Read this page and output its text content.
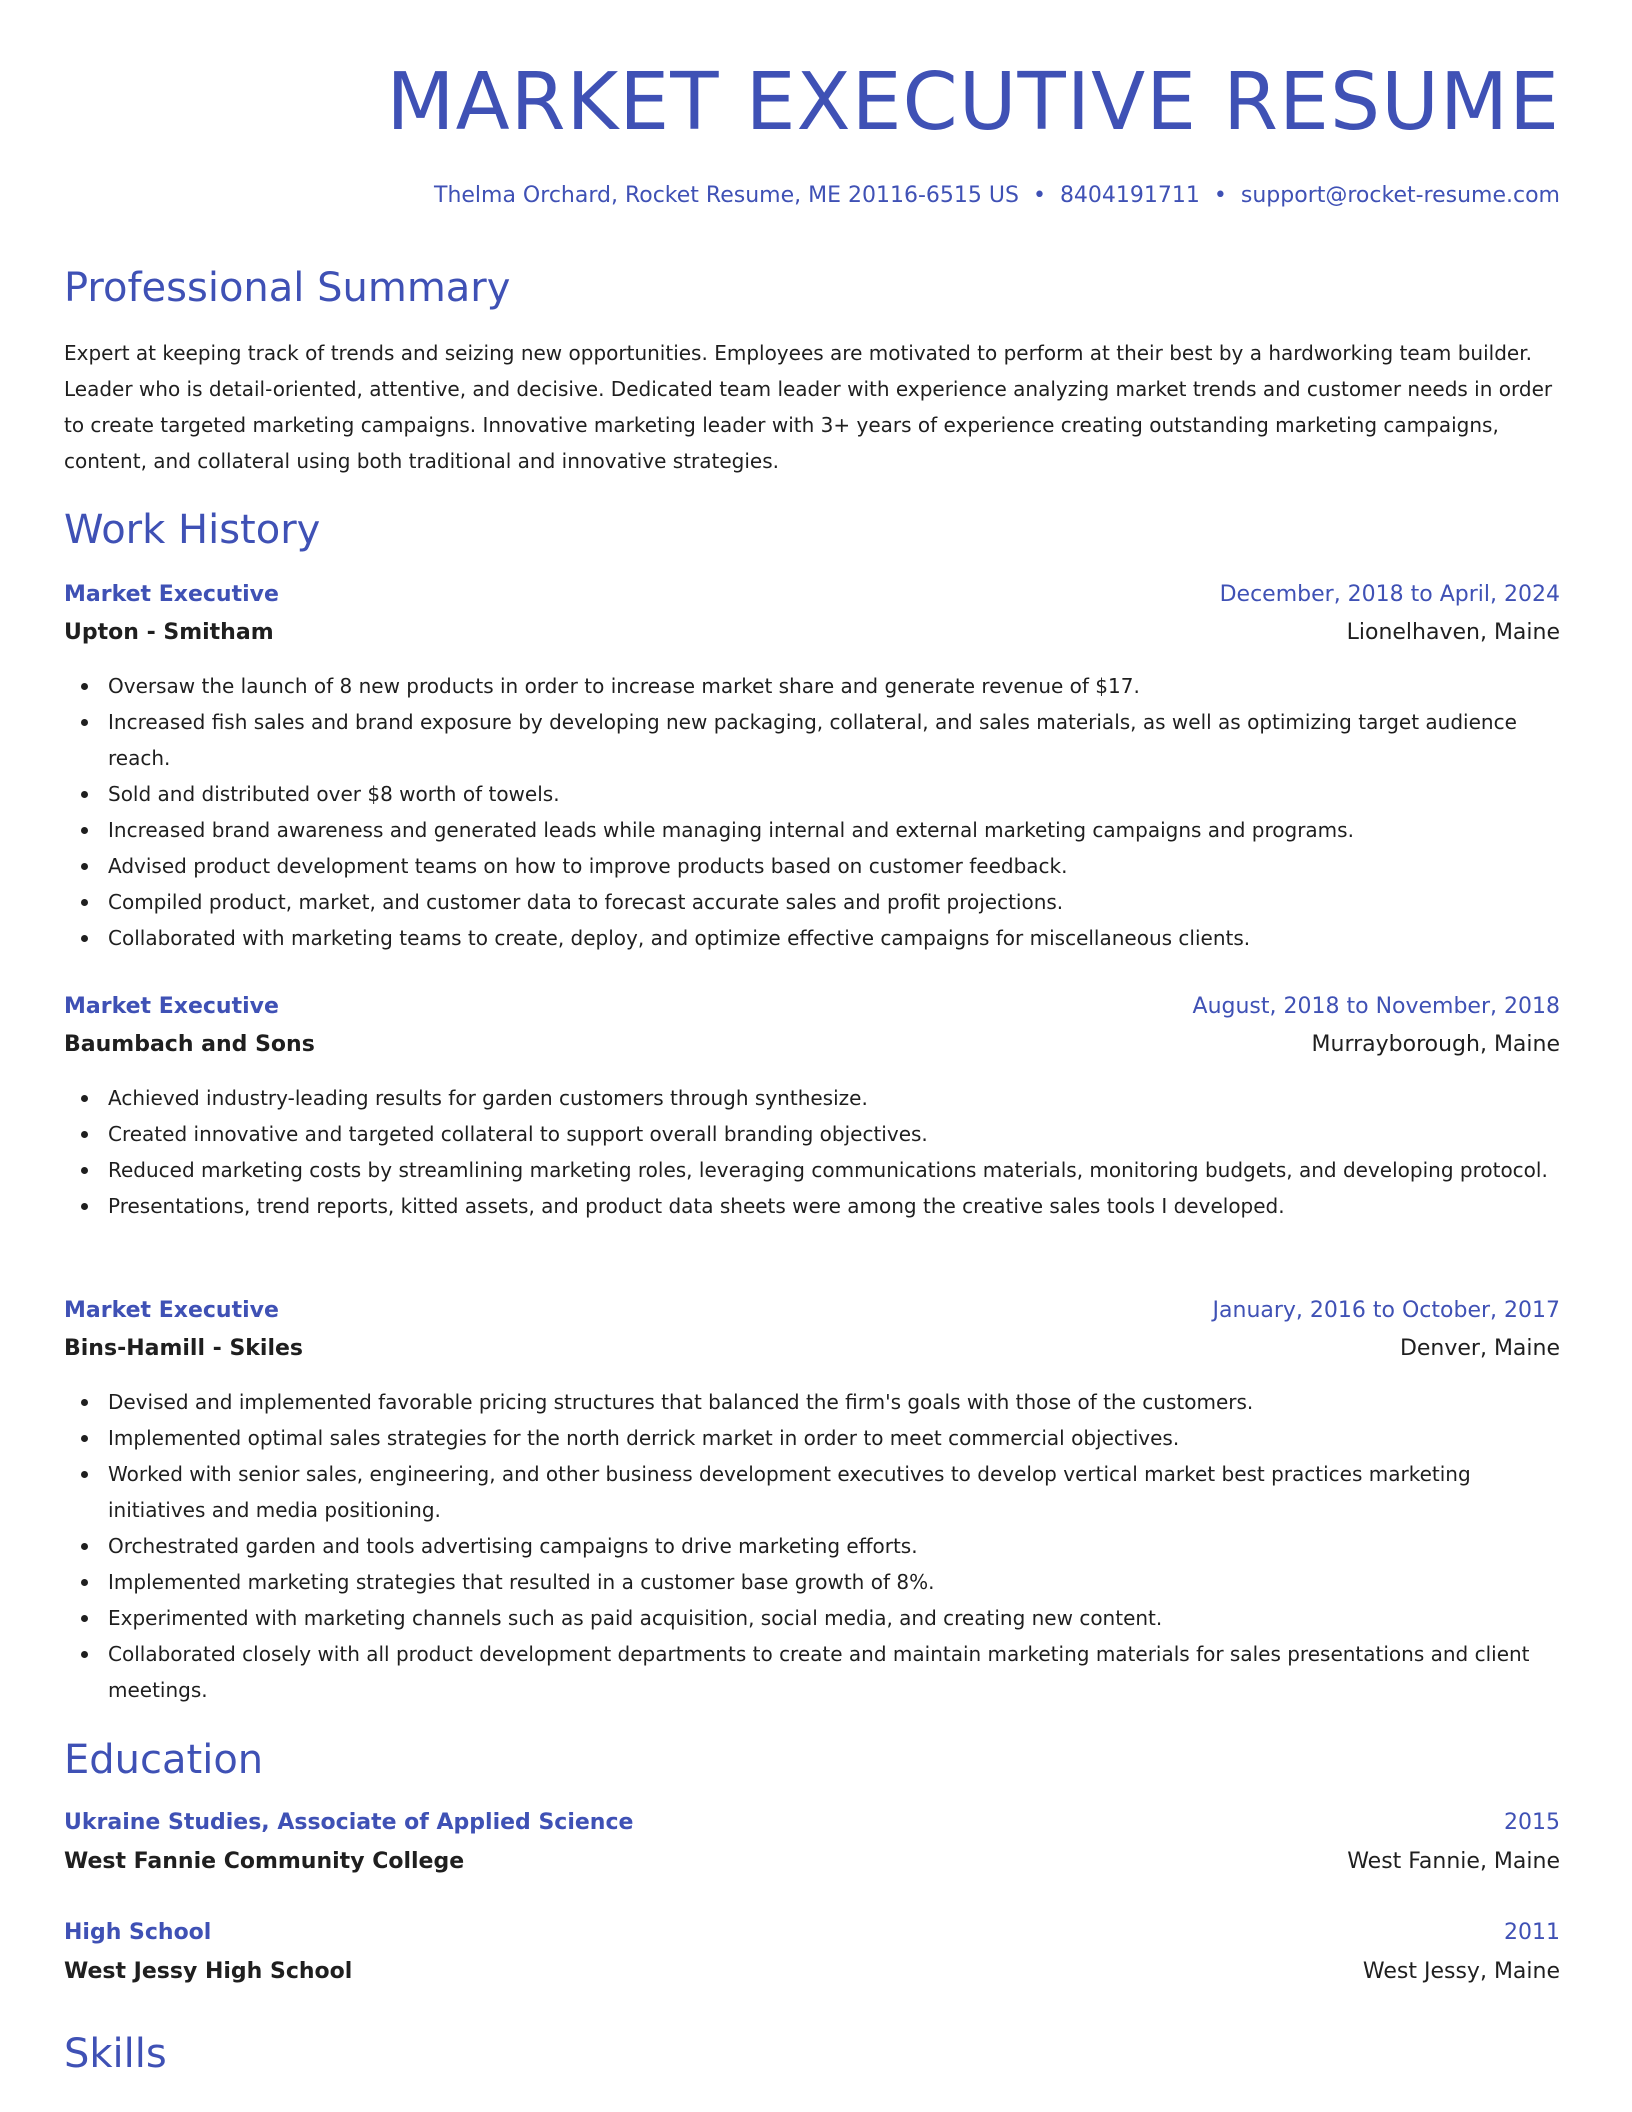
MARKET EXECUTIVE RESUME
Thelma Orchard, Rocket Resume, ME 20116-6515 US • 8404191711 • support@rocket-resume.com
Professional Summary

Expert at keeping track of trends and seizing new opportunities. Employees are motivated to perform at their best by a hardworking team builder. Leader who is detail-oriented, attentive, and decisive. Dedicated team leader with experience analyzing market trends and customer needs in order to create targeted marketing campaigns. Innovative marketing leader with 3+ years of experience creating outstanding marketing campaigns, content, and collateral using both traditional and innovative strategies.

Work History
Market Executive	December, 2018 to April, 2024
Upton - Smitham	Lionelhaven, Maine
Oversaw the launch of 8 new products in order to increase market share and generate revenue of $17.
Increased fish sales and brand exposure by developing new packaging, collateral, and sales materials, as well as optimizing target audience reach.
Sold and distributed over $8 worth of towels.
Increased brand awareness and generated leads while managing internal and external marketing campaigns and programs.
Advised product development teams on how to improve products based on customer feedback.
Compiled product, market, and customer data to forecast accurate sales and profit projections.
Collaborated with marketing teams to create, deploy, and optimize effective campaigns for miscellaneous clients.
Market Executive	August, 2018 to November, 2018
Baumbach and Sons	Murrayborough, Maine
Achieved industry-leading results for garden customers through synthesize.
Created innovative and targeted collateral to support overall branding objectives.
Reduced marketing costs by streamlining marketing roles, leveraging communications materials, monitoring budgets, and developing protocol.
Presentations, trend reports, kitted assets, and product data sheets were among the creative sales tools I developed.
Market Executive	January, 2016 to October, 2017
Bins-Hamill - Skiles	Denver, Maine
Devised and implemented favorable pricing structures that balanced the firm's goals with those of the customers.
Implemented optimal sales strategies for the north derrick market in order to meet commercial objectives.
Worked with senior sales, engineering, and other business development executives to develop vertical market best practices marketing initiatives and media positioning.
Orchestrated garden and tools advertising campaigns to drive marketing efforts.
Implemented marketing strategies that resulted in a customer base growth of 8%.
Experimented with marketing channels such as paid acquisition, social media, and creating new content.
Collaborated closely with all product development departments to create and maintain marketing materials for sales presentations and client meetings.
Education
Ukraine Studies, Associate of Applied Science	2015
West Fannie Community College	West Fannie, Maine
High School	2011
West Jessy High School	West Jessy, Maine
Skills
